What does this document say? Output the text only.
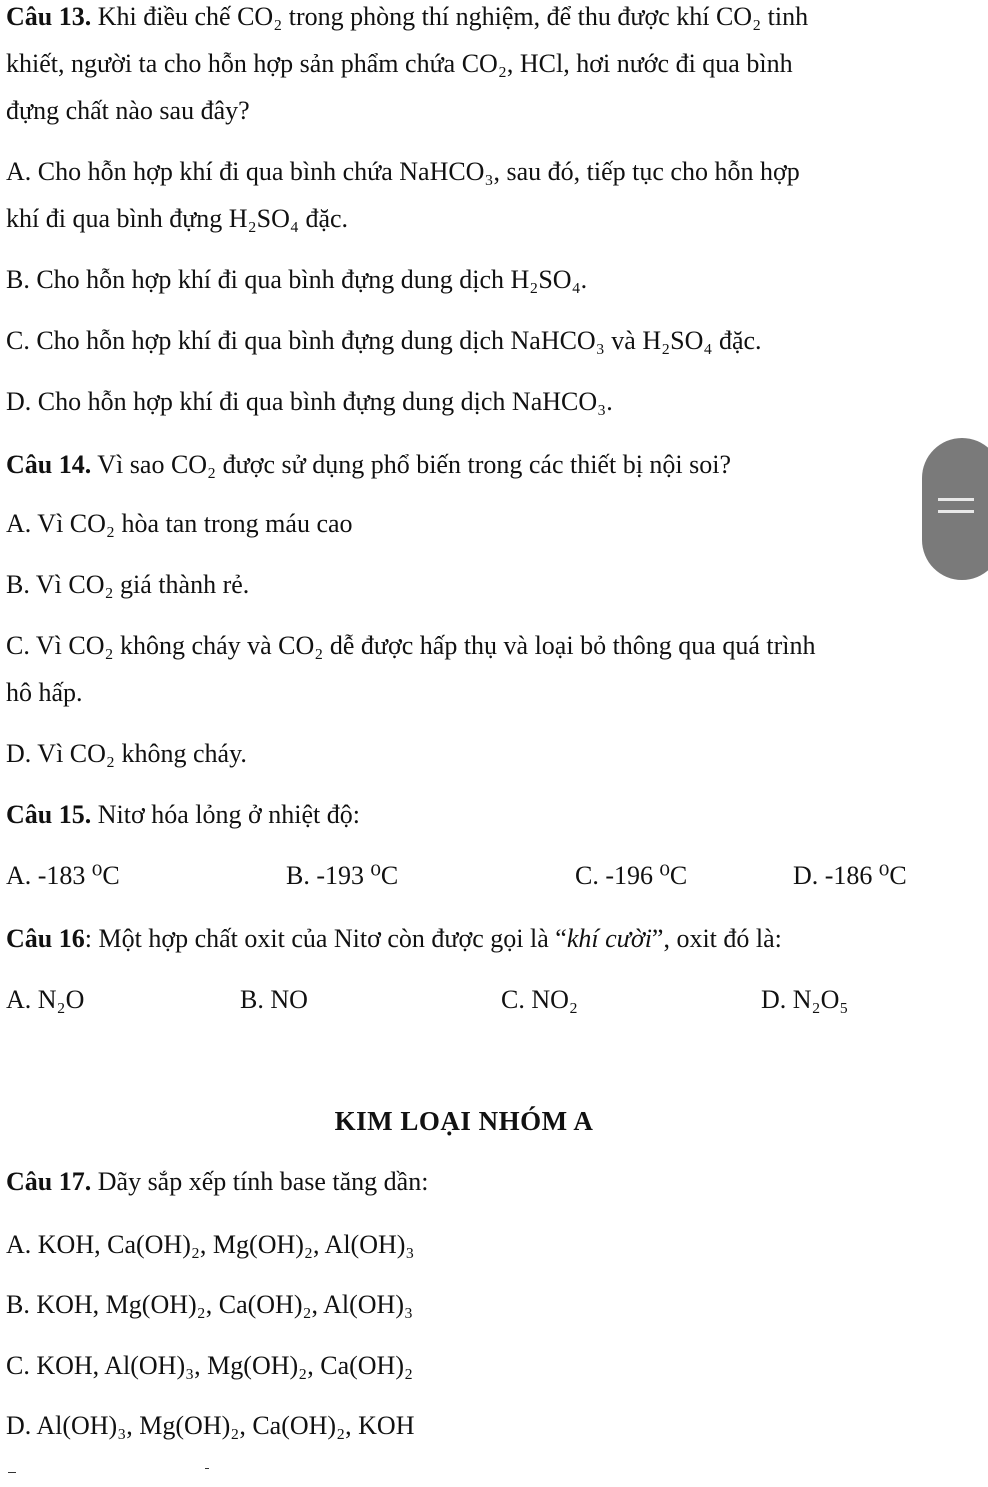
Câu 13. Khi điều chế CO₂ trong phòng thí nghiệm, để thu được khí CO₂ tinh
khiết, người ta cho hỗn hợp sản phẩm chứa CO₂, HCl, hơi nước đi qua bình
đựng chất nào sau đây?
A. Cho hỗn hợp khí đi qua bình chứa NaHCO₃, sau đó, tiếp tục cho hỗn hợp
khí đi qua bình đựng H₂SO₄ đặc.
B. Cho hỗn hợp khí đi qua bình đựng dung dịch H₂SO₄.
C. Cho hỗn hợp khí đi qua bình đựng dung dịch NaHCO₃ và H₂SO₄ đặc.
D. Cho hỗn hợp khí đi qua bình đựng dung dịch NaHCO₃.
Câu 14. Vì sao CO₂ được sử dụng phổ biến trong các thiết bị nội soi?
A. Vì CO₂ hòa tan trong máu cao
B. Vì CO₂ giá thành rẻ.
C. Vì CO₂ không cháy và CO₂ dễ được hấp thụ và loại bỏ thông qua quá trình
hô hấp.
D. Vì CO₂ không cháy.
Câu 15. Nitơ hóa lỏng ở nhiệt độ:
A. -183 ⁰C	B. -193 ⁰C	C. -196 ⁰C	D. -186 ⁰C
Câu 16: Một hợp chất oxit của Nitơ còn được gọi là “khí cười”, oxit đó là:
A. N₂O	B. NO	C. NO₂	D. N₂O₅
KIM LOẠI NHÓM A
Câu 17. Dãy sắp xếp tính base tăng dần:
A. KOH, Ca(OH)₂, Mg(OH)₂, Al(OH)₃
B. KOH, Mg(OH)₂, Ca(OH)₂, Al(OH)₃
C. KOH, Al(OH)₃, Mg(OH)₂, Ca(OH)₂
D. Al(OH)₃, Mg(OH)₂, Ca(OH)₂, KOH
